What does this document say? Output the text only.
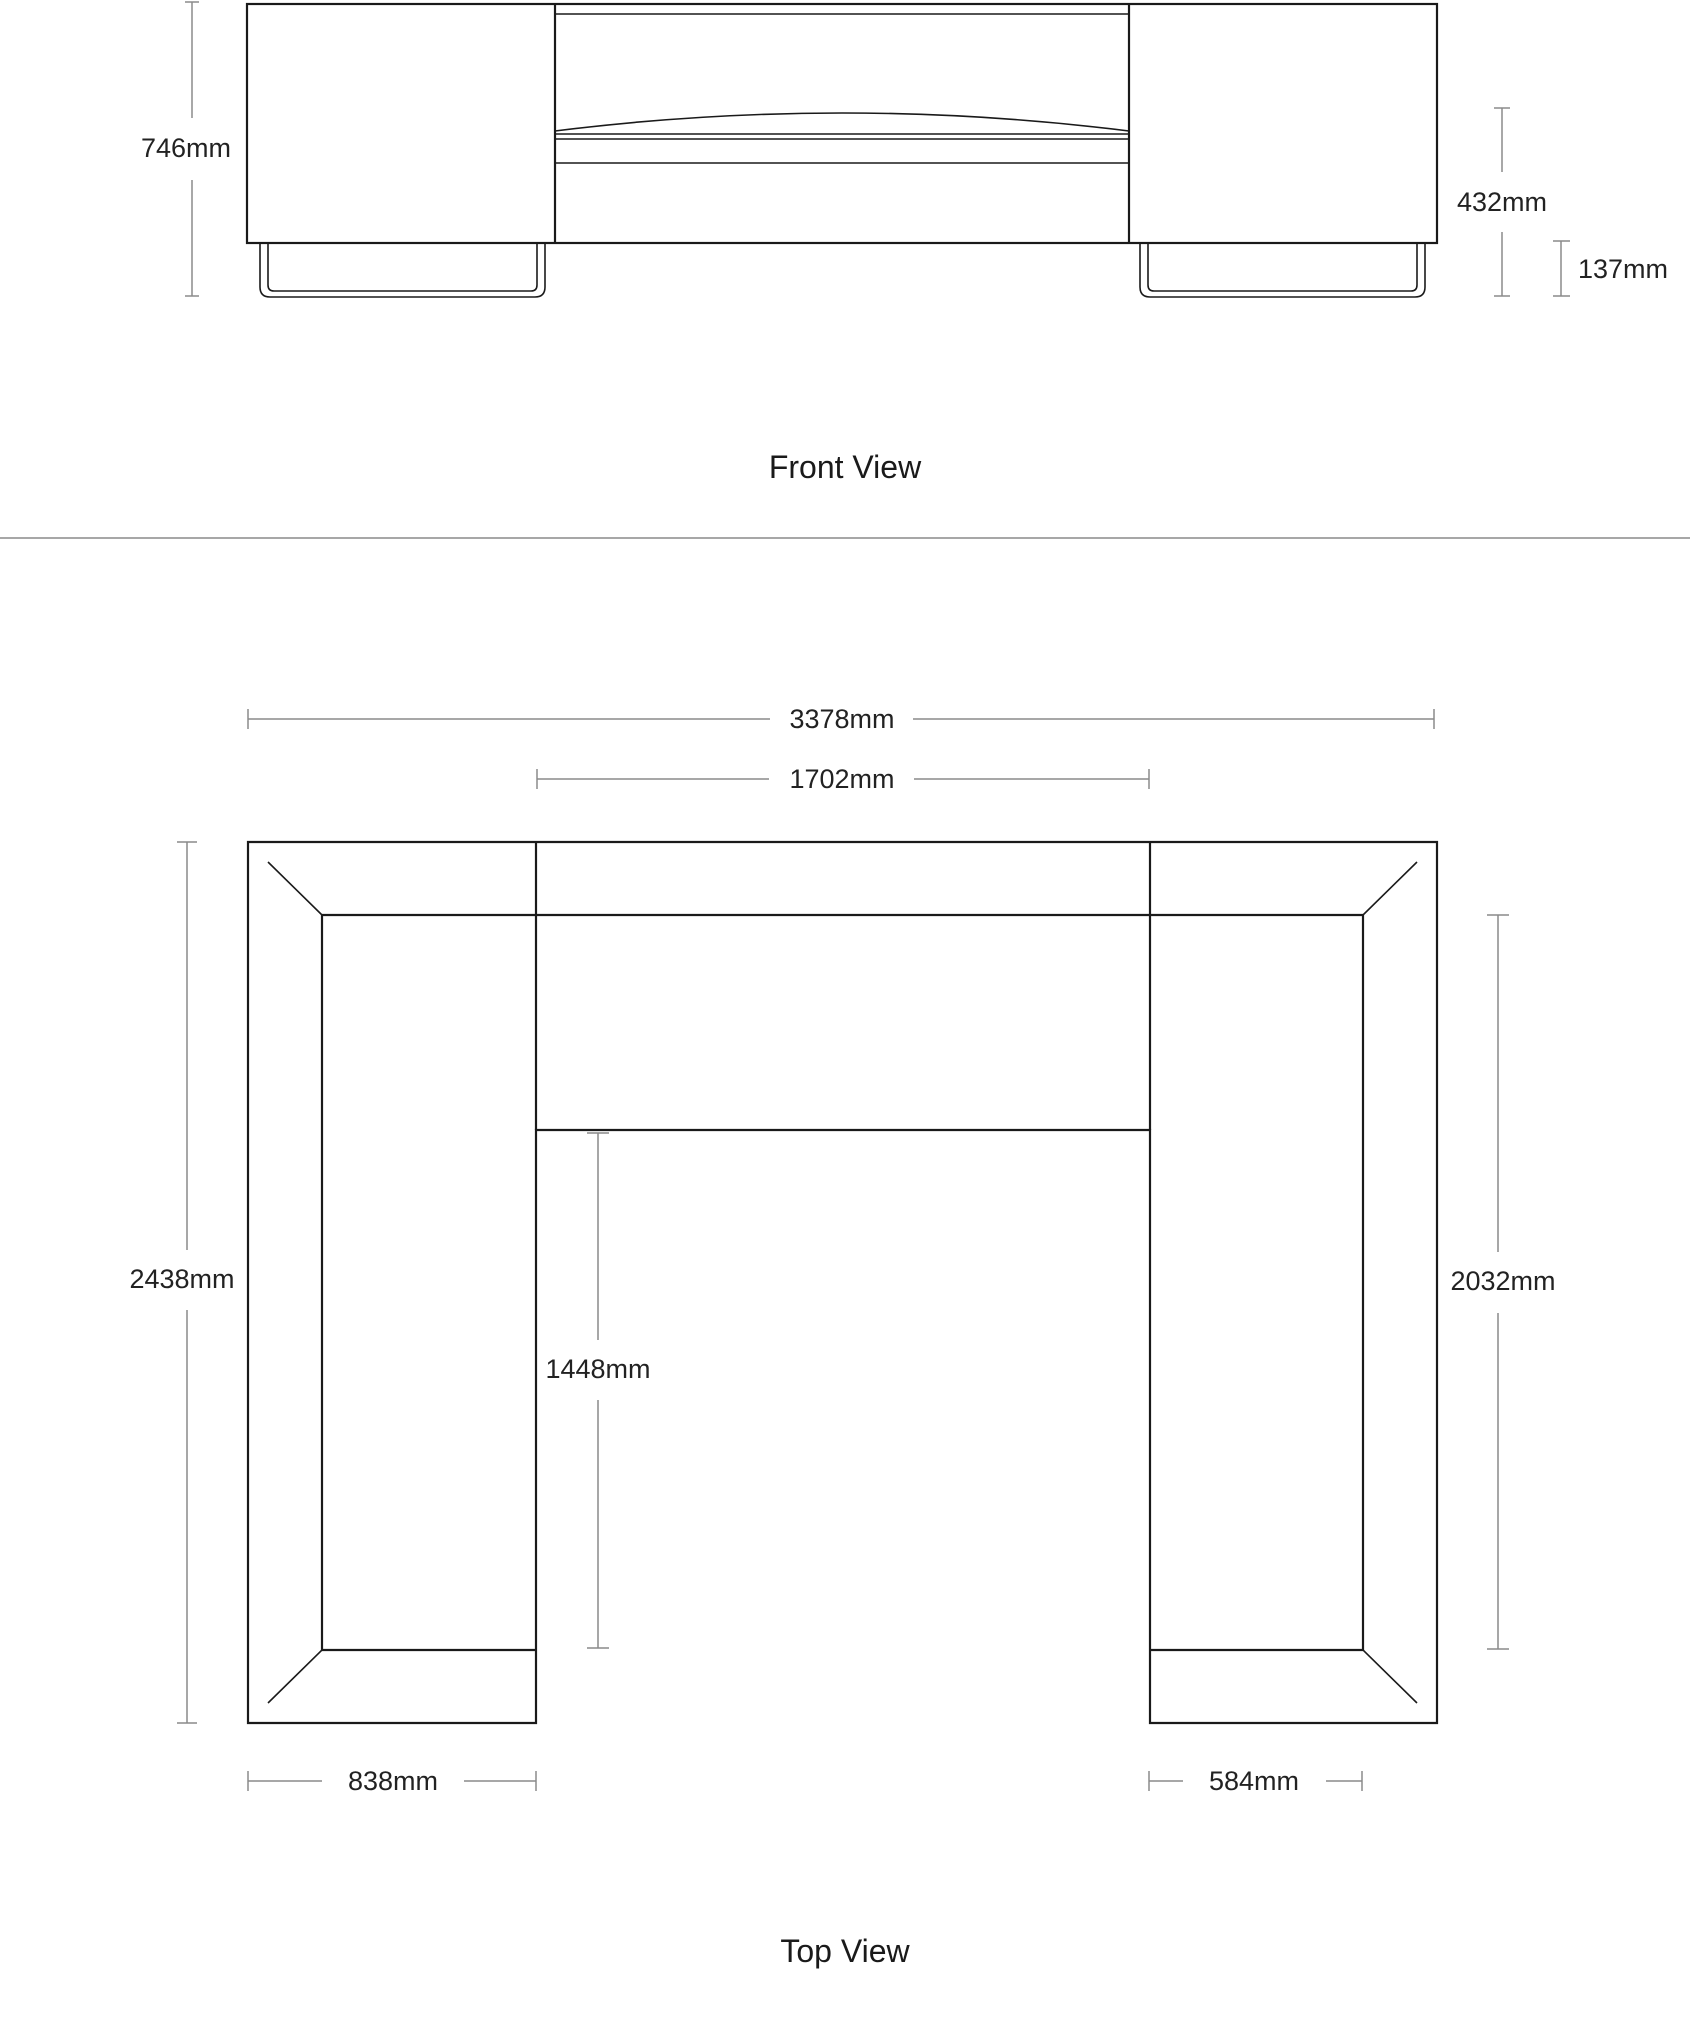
746mm
432mm
137mm
Front View
3378mm
1702mm
2438mm	2032mm
1448mm
838mm	584mm
Top View
